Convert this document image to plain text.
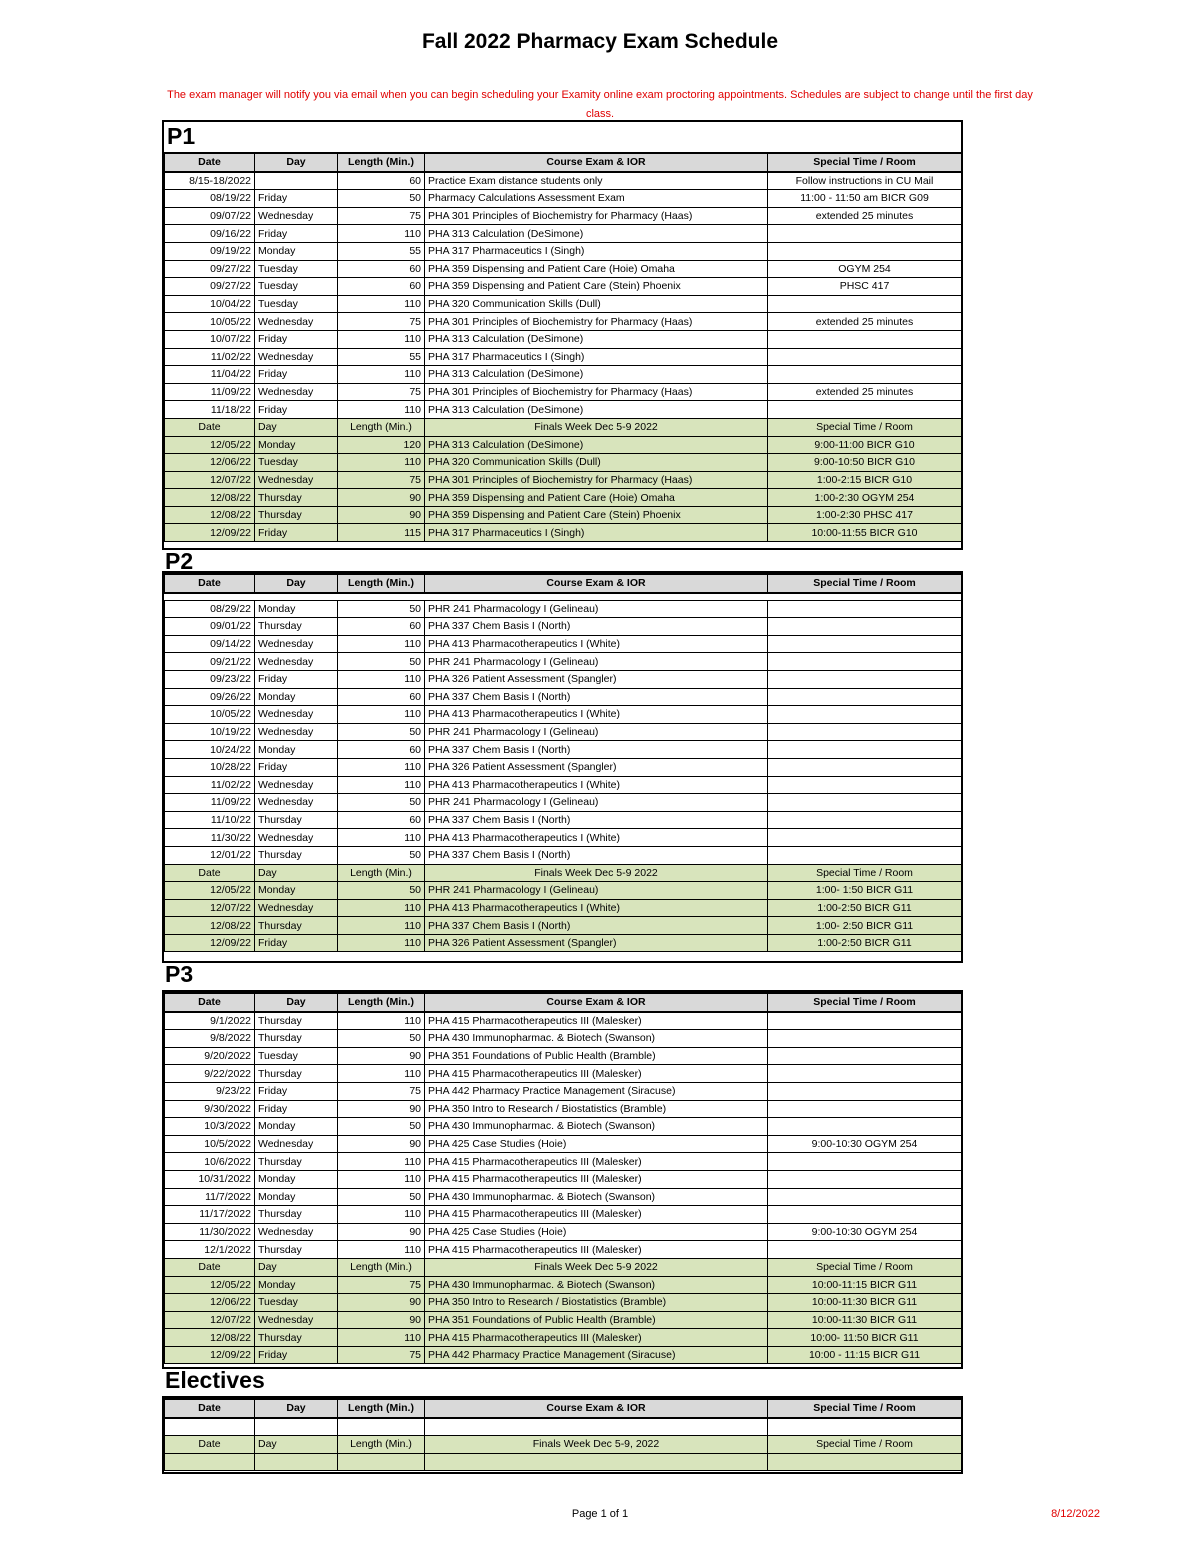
Fall 2022 Pharmacy Exam Schedule
The exam manager will notify you via email when you can begin scheduling your Examity online exam proctoring appointments. Schedules are subject to change until the first day class.
P1
Date	Day	Length (Min.)	Course Exam & IOR	Special Time / Room
8/15-18/2022		60	Practice Exam distance students only	Follow instructions in CU Mail
08/19/22	Friday	50	Pharmacy Calculations Assessment Exam	11:00 - 11:50 am BICR G09
09/07/22	Wednesday	75	PHA 301 Principles of Biochemistry for Pharmacy (Haas)	extended 25 minutes
09/16/22	Friday	110	PHA 313 Calculation (DeSimone)	
09/19/22	Monday	55	PHA 317 Pharmaceutics I (Singh)	
09/27/22	Tuesday	60	PHA 359 Dispensing and Patient Care (Hoie) Omaha	OGYM 254
09/27/22	Tuesday	60	PHA 359 Dispensing and Patient Care (Stein) Phoenix	PHSC 417
10/04/22	Tuesday	110	PHA 320 Communication Skills (Dull)	
10/05/22	Wednesday	75	PHA 301 Principles of Biochemistry for Pharmacy (Haas)	extended 25 minutes
10/07/22	Friday	110	PHA 313 Calculation (DeSimone)	
11/02/22	Wednesday	55	PHA 317 Pharmaceutics I (Singh)	
11/04/22	Friday	110	PHA 313 Calculation (DeSimone)	
11/09/22	Wednesday	75	PHA 301 Principles of Biochemistry for Pharmacy (Haas)	extended 25 minutes
11/18/22	Friday	110	PHA 313 Calculation (DeSimone)	
Date	Day	Length (Min.)	Finals Week Dec 5-9 2022	Special Time / Room
12/05/22	Monday	120	PHA 313 Calculation (DeSimone)	9:00-11:00 BICR G10
12/06/22	Tuesday	110	PHA 320 Communication Skills (Dull)	9:00-10:50 BICR G10
12/07/22	Wednesday	75	PHA 301 Principles of Biochemistry for Pharmacy (Haas)	1:00-2:15 BICR G10
12/08/22	Thursday	90	PHA 359 Dispensing and Patient Care (Hoie) Omaha	1:00-2:30 OGYM 254
12/08/22	Thursday	90	PHA 359 Dispensing and Patient Care (Stein) Phoenix	1:00-2:30 PHSC 417
12/09/22	Friday	115	PHA 317 Pharmaceutics I (Singh)	10:00-11:55 BICR G10
P2
Date	Day	Length (Min.)	Course Exam & IOR	Special Time / Room

08/29/22	Monday	50	PHR 241 Pharmacology I (Gelineau)	
09/01/22	Thursday	60	PHA 337 Chem Basis I (North)	
09/14/22	Wednesday	110	PHA 413 Pharmacotherapeutics I (White)	
09/21/22	Wednesday	50	PHR 241 Pharmacology I (Gelineau)	
09/23/22	Friday	110	PHA 326 Patient Assessment (Spangler)	
09/26/22	Monday	60	PHA 337 Chem Basis I (North)	
10/05/22	Wednesday	110	PHA 413 Pharmacotherapeutics I (White)	
10/19/22	Wednesday	50	PHR 241 Pharmacology I (Gelineau)	
10/24/22	Monday	60	PHA 337 Chem Basis I (North)	
10/28/22	Friday	110	PHA 326 Patient Assessment (Spangler)	
11/02/22	Wednesday	110	PHA 413 Pharmacotherapeutics I (White)	
11/09/22	Wednesday	50	PHR 241 Pharmacology I (Gelineau)	
11/10/22	Thursday	60	PHA 337 Chem Basis I (North)	
11/30/22	Wednesday	110	PHA 413 Pharmacotherapeutics I (White)	
12/01/22	Thursday	50	PHA 337 Chem Basis I (North)	
Date	Day	Length (Min.)	Finals Week Dec 5-9 2022	Special Time / Room
12/05/22	Monday	50	PHR 241 Pharmacology I (Gelineau)	1:00- 1:50 BICR G11
12/07/22	Wednesday	110	PHA 413 Pharmacotherapeutics I (White)	1:00-2:50 BICR G11
12/08/22	Thursday	110	PHA 337 Chem Basis I (North)	1:00- 2:50 BICR G11
12/09/22	Friday	110	PHA 326 Patient Assessment (Spangler)	1:00-2:50 BICR G11
P3
Date	Day	Length (Min.)	Course Exam & IOR	Special Time / Room
9/1/2022	Thursday	110	PHA 415 Pharmacotherapeutics III (Malesker)	
9/8/2022	Thursday	50	PHA 430 Immunopharmac. & Biotech (Swanson)	
9/20/2022	Tuesday	90	PHA 351 Foundations of Public Health (Bramble)	
9/22/2022	Thursday	110	PHA 415 Pharmacotherapeutics III (Malesker)	
9/23/22	Friday	75	PHA 442 Pharmacy Practice Management (Siracuse)	
9/30/2022	Friday	90	PHA 350 Intro to Research / Biostatistics (Bramble)	
10/3/2022	Monday	50	PHA 430 Immunopharmac. & Biotech (Swanson)	
10/5/2022	Wednesday	90	PHA 425 Case Studies (Hoie)	9:00-10:30 OGYM 254
10/6/2022	Thursday	110	PHA 415 Pharmacotherapeutics III (Malesker)	
10/31/2022	Monday	110	PHA 415 Pharmacotherapeutics III (Malesker)	
11/7/2022	Monday	50	PHA 430 Immunopharmac. & Biotech (Swanson)	
11/17/2022	Thursday	110	PHA 415 Pharmacotherapeutics III (Malesker)	
11/30/2022	Wednesday	90	PHA 425 Case Studies (Hoie)	9:00-10:30 OGYM 254
12/1/2022	Thursday	110	PHA 415 Pharmacotherapeutics III (Malesker)	
Date	Day	Length (Min.)	Finals Week Dec 5-9 2022	Special Time / Room
12/05/22	Monday	75	PHA 430 Immunopharmac. & Biotech (Swanson)	10:00-11:15 BICR G11
12/06/22	Tuesday	90	PHA 350 Intro to Research / Biostatistics (Bramble)	10:00-11:30 BICR G11
12/07/22	Wednesday	90	PHA 351 Foundations of Public Health (Bramble)	10:00-11:30 BICR G11
12/08/22	Thursday	110	PHA 415 Pharmacotherapeutics III (Malesker)	10:00- 11:50 BICR G11
12/09/22	Friday	75	PHA 442 Pharmacy Practice Management (Siracuse)	10:00 - 11:15 BICR G11
Electives
Date	Day	Length (Min.)	Course Exam & IOR	Special Time / Room

Date	Day	Length (Min.)	Finals Week Dec 5-9, 2022	Special Time / Room

Page 1 of 1	8/12/2022
